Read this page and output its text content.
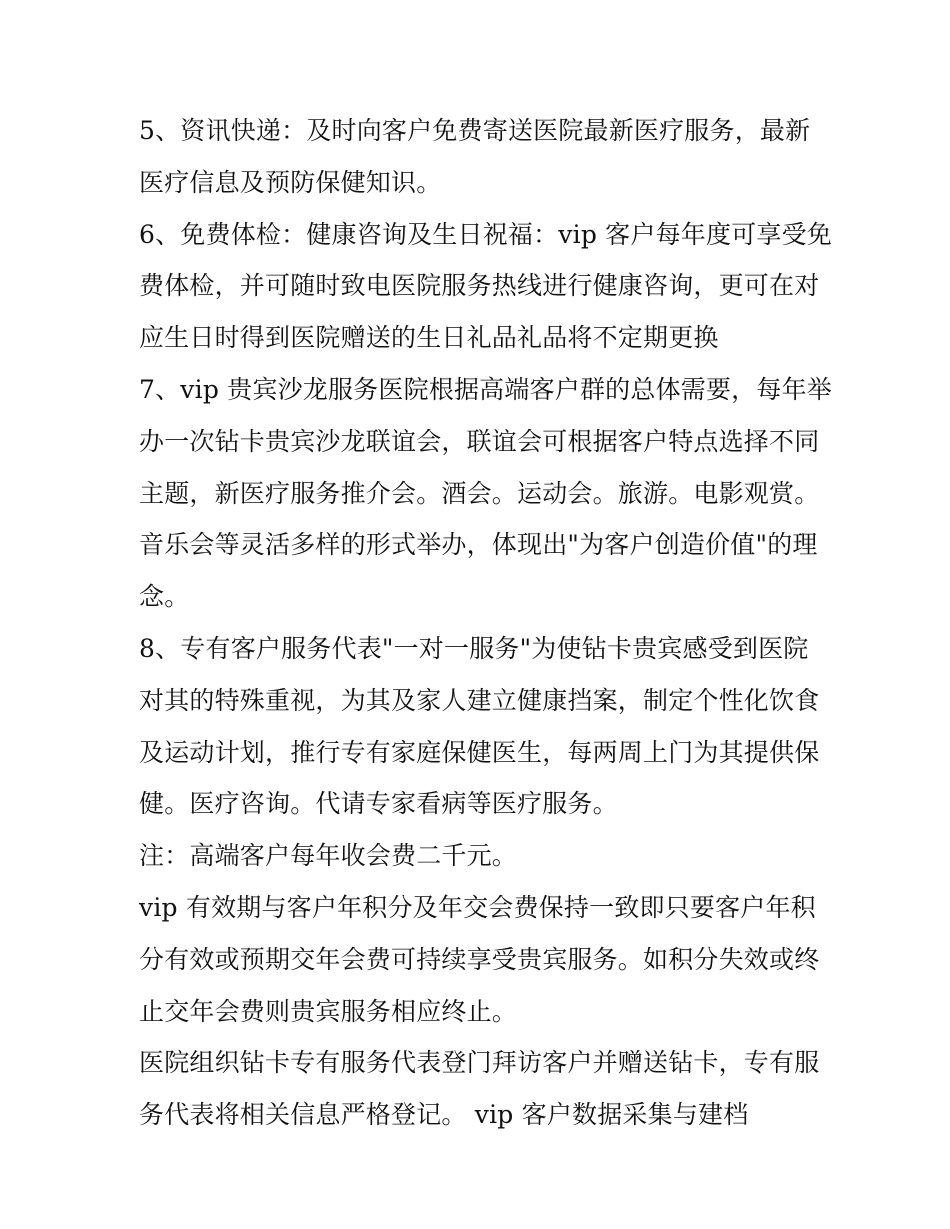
5、资讯快递：及时向客户免费寄送医院最新医疗服务，最新
医疗信息及预防保健知识。

6、免费体检：健康咨询及生日祝福：vip 客户每年度可享受免
费体检，并可随时致电医院服务热线进行健康咨询，更可在对
应生日时得到医院赠送的生日礼品礼品将不定期更换

7、vip 贵宾沙龙服务医院根据高端客户群的总体需要，每年举
办一次钻卡贵宾沙龙联谊会，联谊会可根据客户特点选择不同
主题，新医疗服务推介会。酒会。运动会。旅游。电影观赏。
音乐会等灵活多样的形式举办，体现出"为客户创造价值"的理
念。

8、专有客户服务代表"一对一服务"为使钻卡贵宾感受到医院
对其的特殊重视，为其及家人建立健康挡案，制定个性化饮食
及运动计划，推行专有家庭保健医生，每两周上门为其提供保
健。医疗咨询。代请专家看病等医疗服务。

注：高端客户每年收会费二千元。

vip 有效期与客户年积分及年交会费保持一致即只要客户年积
分有效或预期交年会费可持续享受贵宾服务。如积分失效或终
止交年会费则贵宾服务相应终止。

医院组织钻卡专有服务代表登门拜访客户并赠送钻卡，专有服
务代表将相关信息严格登记。 vip 客户数据采集与建档
